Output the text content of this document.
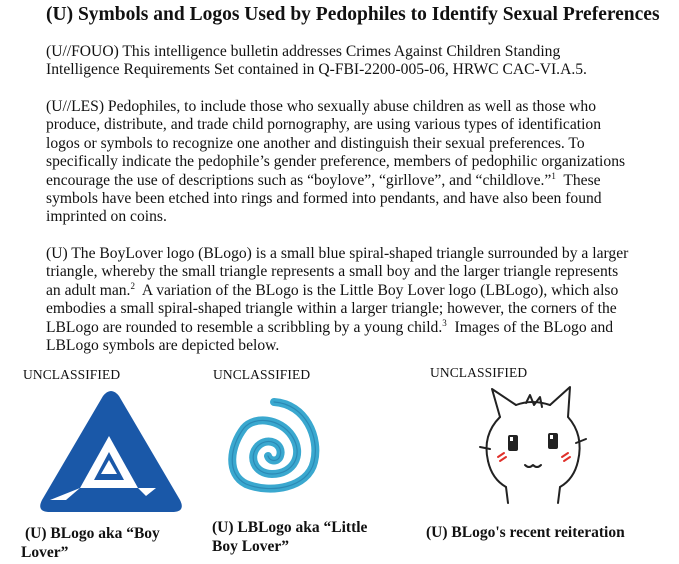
(U) Symbols and Logos Used by Pedophiles to Identify Sexual Preferences
(U//FOUO) This intelligence bulletin addresses Crimes Against Children Standing
Intelligence Requirements Set contained in Q-FBI-2200-005-06, HRWC CAC-VI.A.5.
(U//LES) Pedophiles, to include those who sexually abuse children as well as those who
produce, distribute, and trade child pornography, are using various types of identification
logos or symbols to recognize one another and distinguish their sexual preferences. To
specifically indicate the pedophile’s gender preference, members of pedophilic organizations
encourage the use of descriptions such as “boylove”, “girllove”, and “childlove.”$^1$  These
symbols have been etched into rings and formed into pendants, and have also been found
imprinted on coins.
(U) The BoyLover logo (BLogo) is a small blue spiral-shaped triangle surrounded by a larger
triangle, whereby the small triangle represents a small boy and the larger triangle represents
an adult man.$^2$  A variation of the BLogo is the Little Boy Lover logo (LBLogo), which also
embodies a small spiral-shaped triangle within a larger triangle; however, the corners of the
LBLogo are rounded to resemble a scribbling by a young child.$^3$  Images of the BLogo and
LBLogo symbols are depicted below.
UNCLASSIFIED	UNCLASSIFIED	UNCLASSIFIED
(U) BLogo aka “Boy
Lover”
(U) LBLogo aka “Little
Boy Lover”
(U) BLogo's recent reiteration
